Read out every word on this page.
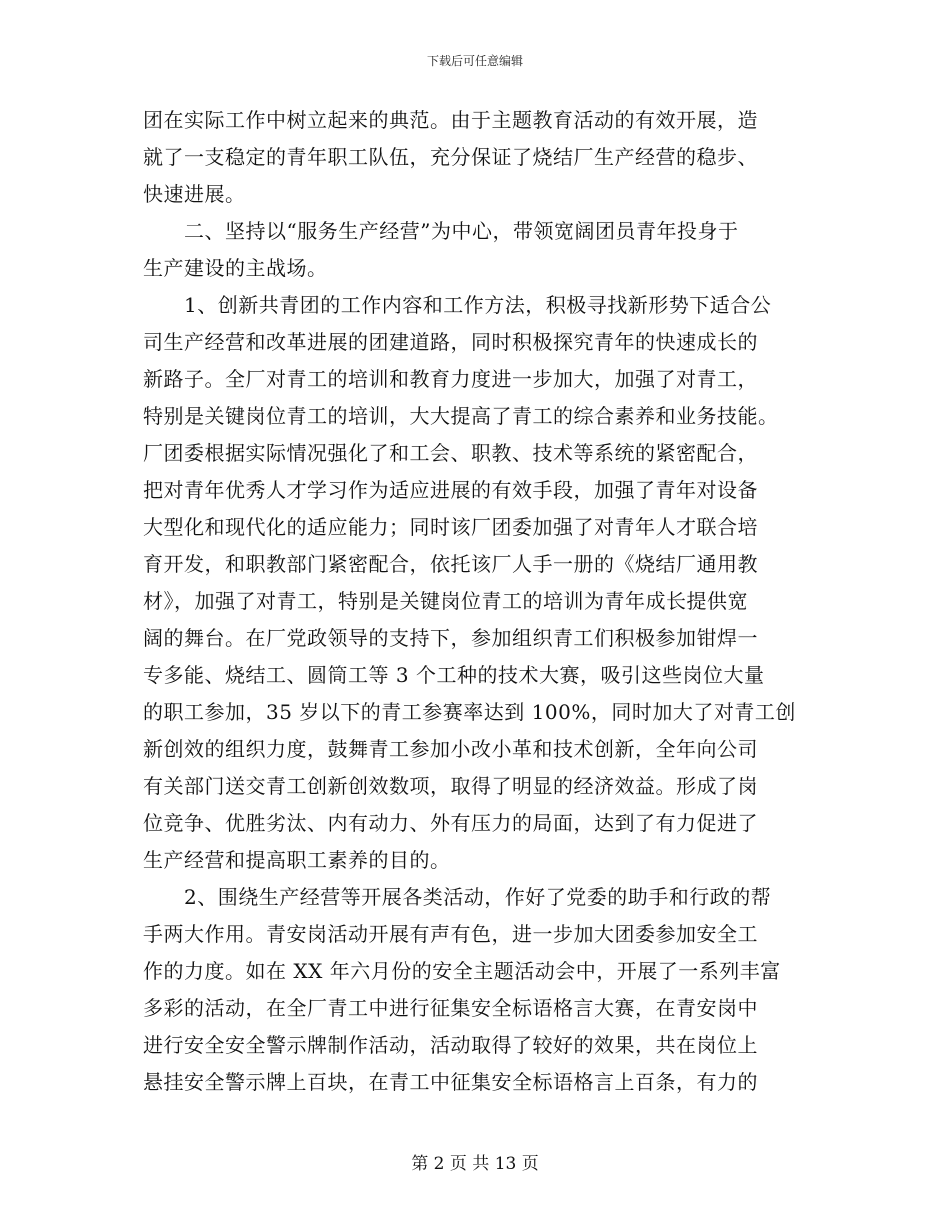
下载后可任意编辑
团在实际工作中树立起来的典范。由于主题教育活动的有效开展，造
就了一支稳定的青年职工队伍，充分保证了烧结厂生产经营的稳步、
快速进展。
　　二、坚持以“服务生产经营”为中心，带领宽阔团员青年投身于
生产建设的主战场。
　　1、创新共青团的工作内容和工作方法，积极寻找新形势下适合公
司生产经营和改革进展的团建道路，同时积极探究青年的快速成长的
新路子。全厂对青工的培训和教育力度进一步加大，加强了对青工，
特别是关键岗位青工的培训，大大提高了青工的综合素养和业务技能。
厂团委根据实际情况强化了和工会、职教、技术等系统的紧密配合，
把对青年优秀人才学习作为适应进展的有效手段，加强了青年对设备
大型化和现代化的适应能力；同时该厂团委加强了对青年人才联合培
育开发，和职教部门紧密配合，依托该厂人手一册的《烧结厂通用教
材》，加强了对青工，特别是关键岗位青工的培训为青年成长提供宽
阔的舞台。在厂党政领导的支持下，参加组织青工们积极参加钳焊一
专多能、烧结工、圆筒工等 3 个工种的技术大赛，吸引这些岗位大量
的职工参加，35 岁以下的青工参赛率达到 100%，同时加大了对青工创
新创效的组织力度，鼓舞青工参加小改小革和技术创新，全年向公司
有关部门送交青工创新创效数项，取得了明显的经济效益。形成了岗
位竞争、优胜劣汰、内有动力、外有压力的局面，达到了有力促进了
生产经营和提高职工素养的目的。
　　2、围绕生产经营等开展各类活动，作好了党委的助手和行政的帮
手两大作用。青安岗活动开展有声有色，进一步加大团委参加安全工
作的力度。如在 XX 年六月份的安全主题活动会中，开展了一系列丰富
多彩的活动，在全厂青工中进行征集安全标语格言大赛，在青安岗中
进行安全安全警示牌制作活动，活动取得了较好的效果，共在岗位上
悬挂安全警示牌上百块，在青工中征集安全标语格言上百条，有力的
第 2 页 共 13 页
